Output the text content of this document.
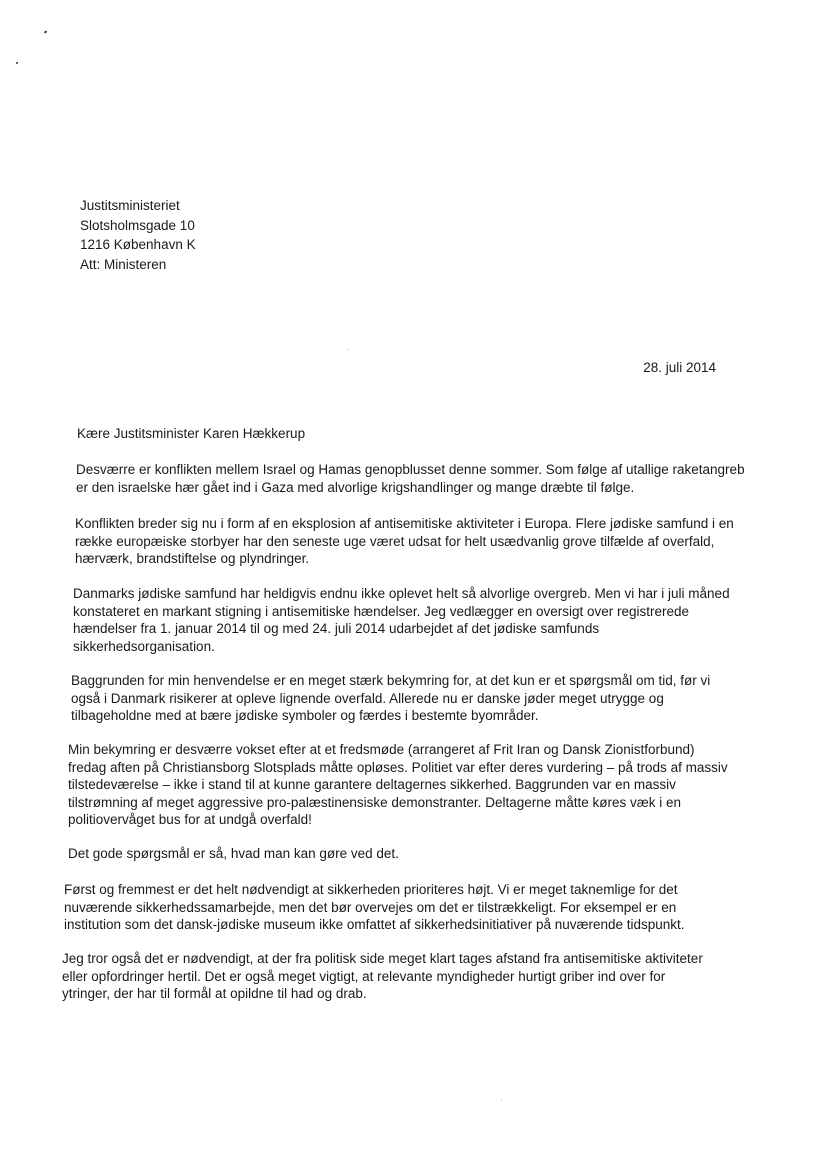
Justitsministeriet
Slotsholmsgade 10
1216 København K
Att: Ministeren
28. juli 2014
Kære Justitsminister Karen Hækkerup
Desværre er konflikten mellem Israel og Hamas genopblusset denne sommer. Som følge af utallige raketangreb
er den israelske hær gået ind i Gaza med alvorlige krigshandlinger og mange dræbte til følge.
Konflikten breder sig nu i form af en eksplosion af antisemitiske aktiviteter i Europa. Flere jødiske samfund i en
række europæiske storbyer har den seneste uge været udsat for helt usædvanlig grove tilfælde af overfald,
hærværk, brandstiftelse og plyndringer.
Danmarks jødiske samfund har heldigvis endnu ikke oplevet helt så alvorlige overgreb. Men vi har i juli måned
konstateret en markant stigning i antisemitiske hændelser. Jeg vedlægger en oversigt over registrerede
hændelser fra 1. januar 2014 til og med 24. juli 2014 udarbejdet af det jødiske samfunds
sikkerhedsorganisation.
Baggrunden for min henvendelse er en meget stærk bekymring for, at det kun er et spørgsmål om tid, før vi
også i Danmark risikerer at opleve lignende overfald. Allerede nu er danske jøder meget utrygge og
tilbageholdne med at bære jødiske symboler og færdes i bestemte byområder.
Min bekymring er desværre vokset efter at et fredsmøde (arrangeret af Frit Iran og Dansk Zionistforbund)
fredag aften på Christiansborg Slotsplads måtte opløses. Politiet var efter deres vurdering – på trods af massiv
tilstedeværelse – ikke i stand til at kunne garantere deltagernes sikkerhed. Baggrunden var en massiv
tilstrømning af meget aggressive pro-palæstinensiske demonstranter. Deltagerne måtte køres væk i en
politiovervåget bus for at undgå overfald!
Det gode spørgsmål er så, hvad man kan gøre ved det.
Først og fremmest er det helt nødvendigt at sikkerheden prioriteres højt. Vi er meget taknemlige for det
nuværende sikkerhedssamarbejde, men det bør overvejes om det er tilstrækkeligt. For eksempel er en
institution som det dansk-jødiske museum ikke omfattet af sikkerhedsinitiativer på nuværende tidspunkt.
Jeg tror også det er nødvendigt, at der fra politisk side meget klart tages afstand fra antisemitiske aktiviteter
eller opfordringer hertil. Det er også meget vigtigt, at relevante myndigheder hurtigt griber ind over for
ytringer, der har til formål at opildne til had og drab.
